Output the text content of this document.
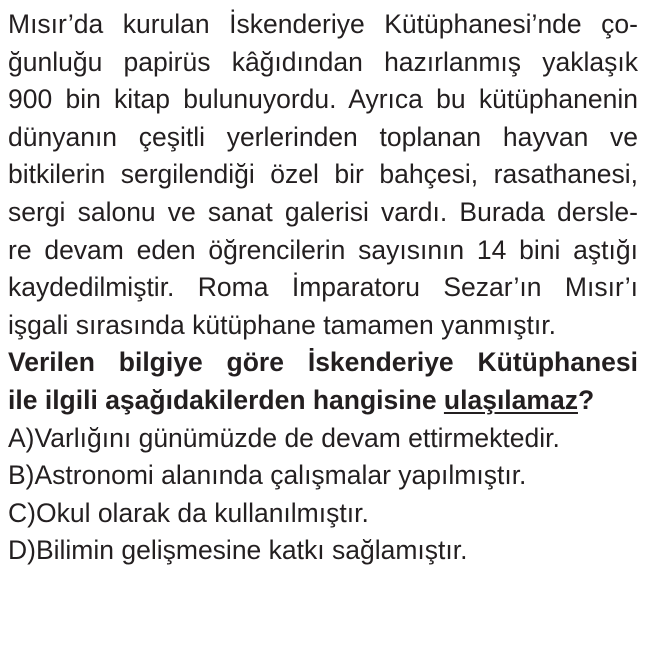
Mısır’da kurulan İskenderiye Kütüphanesi’nde ço-
ğunluğu papirüs kâğıdından hazırlanmış yaklaşık
900 bin kitap bulunuyordu. Ayrıca bu kütüphanenin
dünyanın çeşitli yerlerinden toplanan hayvan ve
bitkilerin sergilendiği özel bir bahçesi, rasathanesi,
sergi salonu ve sanat galerisi vardı. Burada dersle-
re devam eden öğrencilerin sayısının 14 bini aştığı
kaydedilmiştir. Roma İmparatoru Sezar’ın Mısır’ı
işgali sırasında kütüphane tamamen yanmıştır.
Verilen bilgiye göre İskenderiye Kütüphanesi
ile ilgili aşağıdakilerden hangisine ulaşılamaz?
A) Varlığını günümüzde de devam ettirmektedir.
B) Astronomi alanında çalışmalar yapılmıştır.
C) Okul olarak da kullanılmıştır.
D) Bilimin gelişmesine katkı sağlamıştır.
